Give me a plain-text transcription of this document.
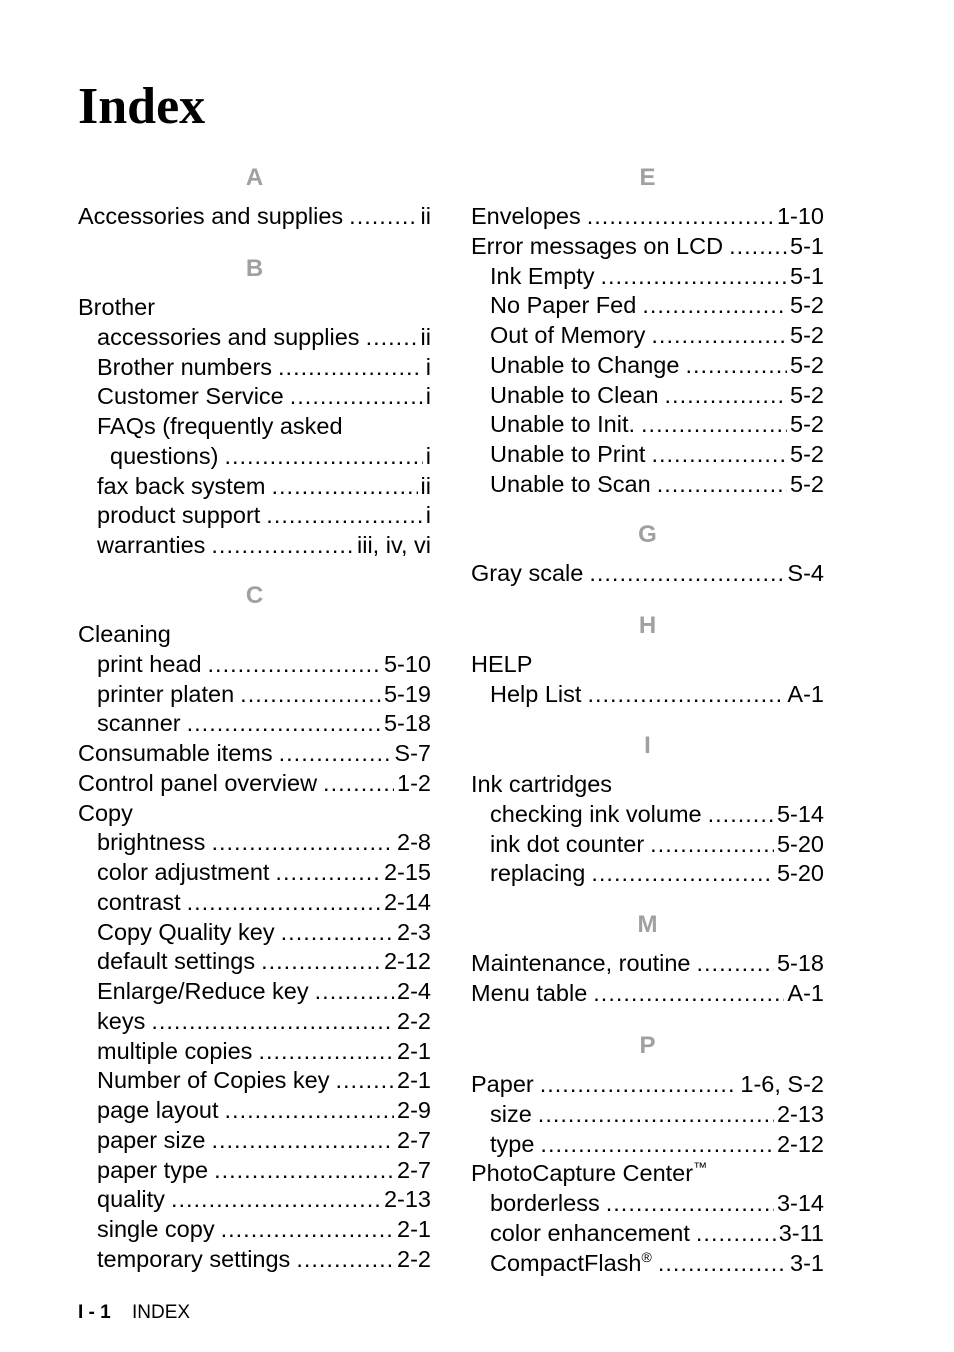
Index
A
Accessories and supplies .....	ii
B
Brother
accessories and supplies .....	ii
Brother numbers .....	i
Customer Service .....	i
FAQs (frequently asked
questions) .....	i
fax back system .....	ii
product support .....	i
warranties .....	iii, iv, vi
C
Cleaning
print head .....	5-10
printer platen .....	5-19
scanner .....	5-18
Consumable items .....	S-7
Control panel overview .....	1-2
Copy
brightness .....	2-8
color adjustment .....	2-15
contrast .....	2-14
Copy Quality key .....	2-3
default settings .....	2-12
Enlarge/Reduce key .....	2-4
keys .....	2-2
multiple copies .....	2-1
Number of Copies key .....	2-1
page layout .....	2-9
paper size .....	2-7
paper type .....	2-7
quality .....	2-13
single copy .....	2-1
temporary settings .....	2-2
E
Envelopes .....	1-10
Error messages on LCD .....	5-1
Ink Empty .....	5-1
No Paper Fed .....	5-2
Out of Memory .....	5-2
Unable to Change .....	5-2
Unable to Clean .....	5-2
Unable to Init. .....	5-2
Unable to Print .....	5-2
Unable to Scan .....	5-2
G
Gray scale .....	S-4
H
HELP
Help List .....	A-1
I
Ink cartridges
checking ink volume .....	5-14
ink dot counter .....	5-20
replacing .....	5-20
M
Maintenance, routine .....	5-18
Menu table .....	A-1
P
Paper .....	1-6, S-2
size .....	2-13
type .....	2-12
PhotoCapture Center™
borderless .....	3-14
color enhancement .....	3-11
CompactFlash® .....	3-1
I - 1 INDEX
